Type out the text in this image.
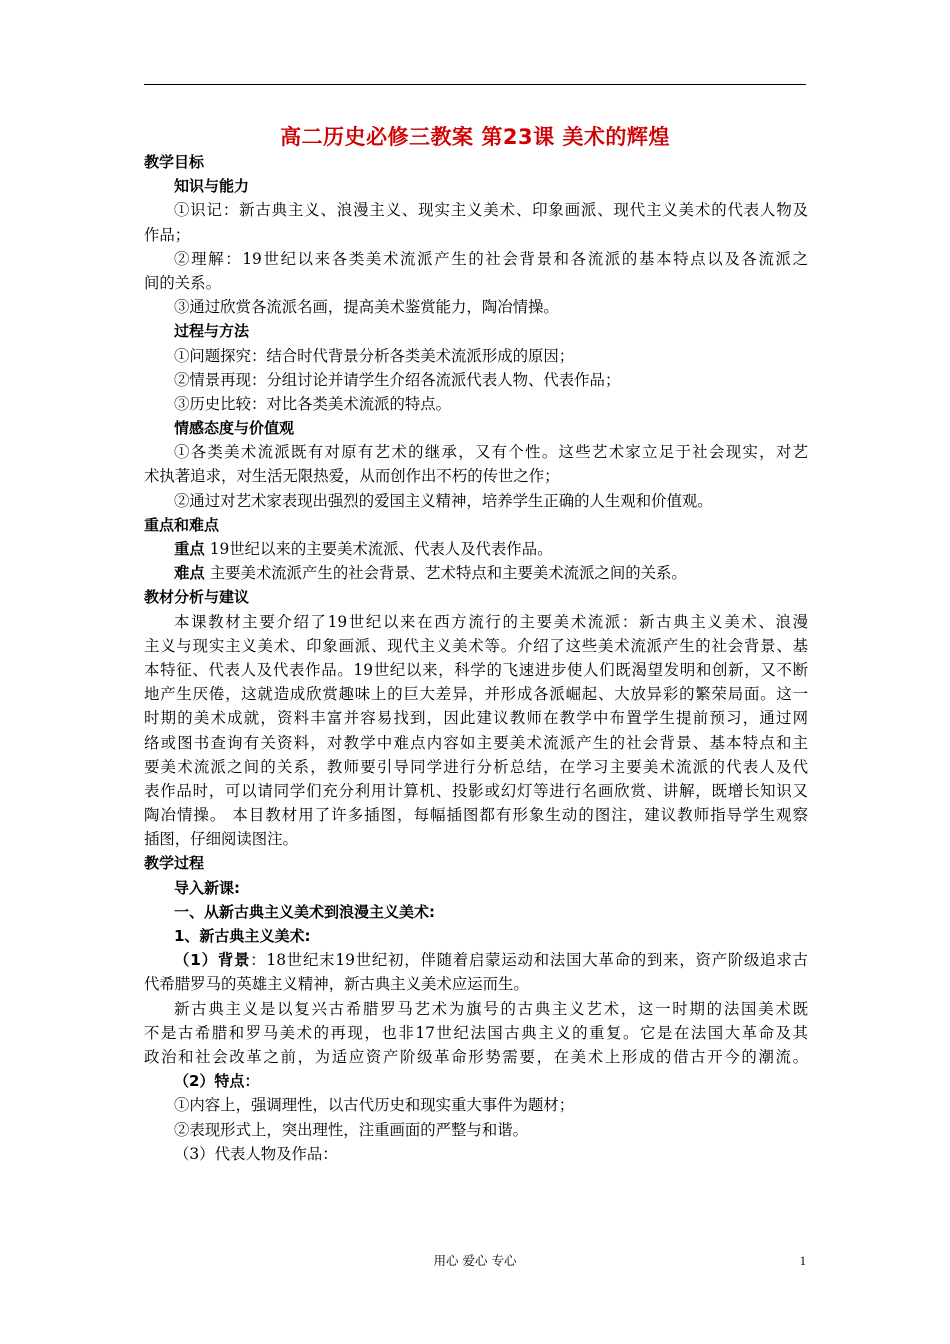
高二历史必修三教案 第23课 美术的辉煌
教学目标
知识与能力
①识记：新古典主义、浪漫主义、现实主义美术、印象画派、现代主义美术的代表人物及
作品；
②理解：19世纪以来各类美术流派产生的社会背景和各流派的基本特点以及各流派之
间的关系。
③通过欣赏各流派名画，提高美术鉴赏能力，陶冶情操。
过程与方法
①问题探究：结合时代背景分析各类美术流派形成的原因；
②情景再现：分组讨论并请学生介绍各流派代表人物、代表作品；
③历史比较：对比各类美术流派的特点。
情感态度与价值观
①各类美术流派既有对原有艺术的继承，又有个性。这些艺术家立足于社会现实，对艺
术执著追求，对生活无限热爱，从而创作出不朽的传世之作；
②通过对艺术家表现出强烈的爱国主义精神，培养学生正确的人生观和价值观。
重点和难点
重点 19世纪以来的主要美术流派、代表人及代表作品。
难点 主要美术流派产生的社会背景、艺术特点和主要美术流派之间的关系。
教材分析与建议
本课教材主要介绍了19世纪以来在西方流行的主要美术流派：新古典主义美术、浪漫
主义与现实主义美术、印象画派、现代主义美术等。介绍了这些美术流派产生的社会背景、基
本特征、代表人及代表作品。19世纪以来，科学的飞速进步使人们既渴望发明和创新，又不断
地产生厌倦，这就造成欣赏趣味上的巨大差异，并形成各派崛起、大放异彩的繁荣局面。这一
时期的美术成就，资料丰富并容易找到，因此建议教师在教学中布置学生提前预习，通过网
络或图书查询有关资料，对教学中难点内容如主要美术流派产生的社会背景、基本特点和主
要美术流派之间的关系，教师要引导同学进行分析总结，在学习主要美术流派的代表人及代
表作品时，可以请同学们充分利用计算机、投影或幻灯等进行名画欣赏、讲解，既增长知识又
陶冶情操。 本目教材用了许多插图，每幅插图都有形象生动的图注，建议教师指导学生观察
插图，仔细阅读图注。
教学过程
导入新课:
一、从新古典主义美术到浪漫主义美术:
1、新古典主义美术:
（1）背景：18世纪末19世纪初，伴随着启蒙运动和法国大革命的到来，资产阶级追求古
代希腊罗马的英雄主义精神，新古典主义美术应运而生。
新古典主义是以复兴古希腊罗马艺术为旗号的古典主义艺术，这一时期的法国美术既
不是古希腊和罗马美术的再现，也非17世纪法国古典主义的重复。它是在法国大革命及其
政治和社会改革之前，为适应资产阶级革命形势需要，在美术上形成的借古开今的潮流。
（2）特点：
①内容上，强调理性，以古代历史和现实重大事件为题材；
②表现形式上，突出理性，注重画面的严整与和谐。
（3）代表人物及作品：
用心 爱心 专心	1
